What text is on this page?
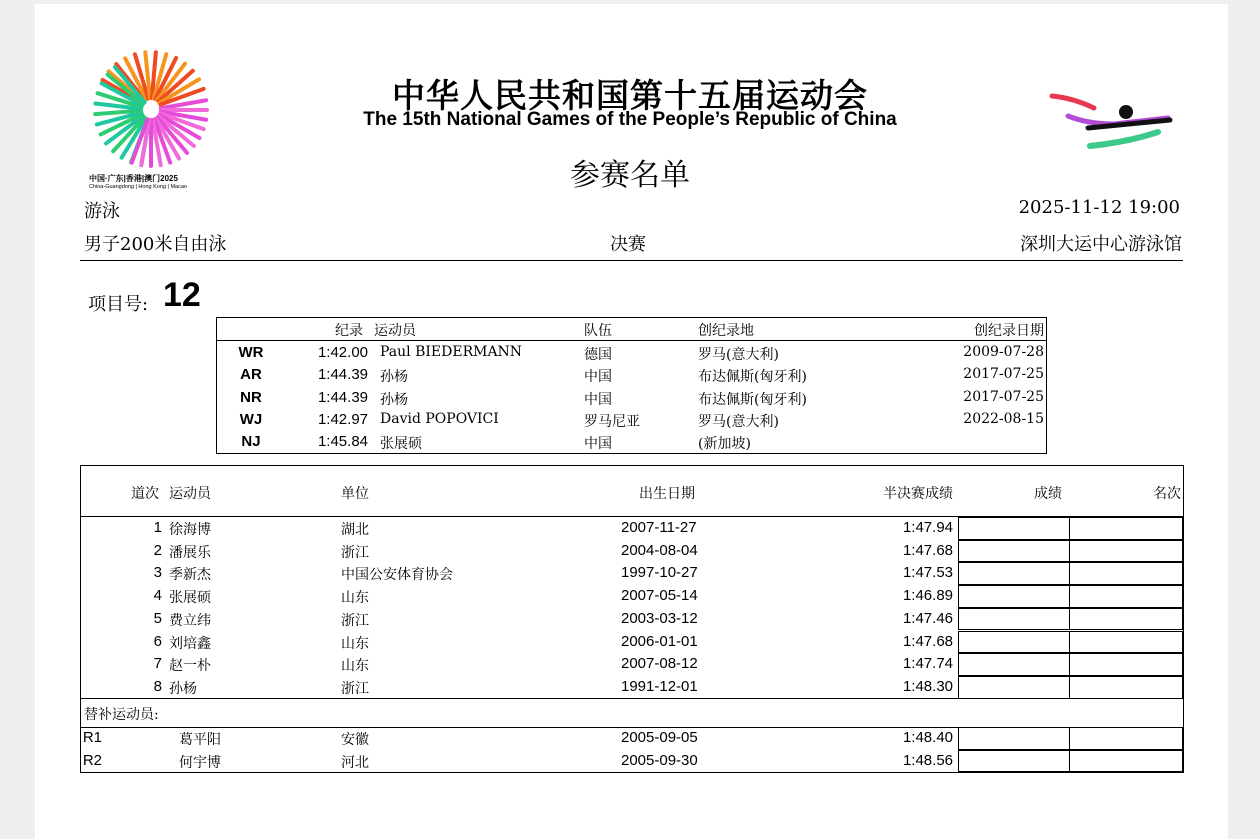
中国·广东|香港|澳门2025
China-Guangdong | Hong Kong | Macao
中华人民共和国第十五届运动会
The 15th National Games of the People’s Republic of China
参赛名单
游泳	2025-11-12 19:00
男子200米自由泳	决赛	深圳大运中心游泳馆
项目号: 12
纪录 运动员	队伍	创纪录地	创纪录日期
WR	1:42.00 Paul BIEDERMANN	德国	罗马(意大利)	2009-07-28
AR	1:44.39 孙杨	中国	布达佩斯(匈牙利)	2017-07-25
NR	1:44.39 孙杨	中国	布达佩斯(匈牙利)	2017-07-25
WJ	1:42.97 David POPOVICI	罗马尼亚	罗马(意大利)	2022-08-15
NJ	1:45.84 张展硕	中国	(新加坡)
道次 运动员	单位	出生日期	半决赛成绩	成绩	名次
1 徐海博	湖北	2007-11-27	1:47.94
2 潘展乐	浙江	2004-08-04	1:47.68
3 季新杰	中国公安体育协会	1997-10-27	1:47.53
4 张展硕	山东	2007-05-14	1:46.89
5 费立纬	浙江	2003-03-12	1:47.46
6 刘培鑫	山东	2006-01-01	1:47.68
7 赵一朴	山东	2007-08-12	1:47.74
8 孙杨	浙江	1991-12-01	1:48.30
替补运动员:
R1	葛平阳	安徽	2005-09-05	1:48.40
R2	何宇博	河北	2005-09-30	1:48.56
